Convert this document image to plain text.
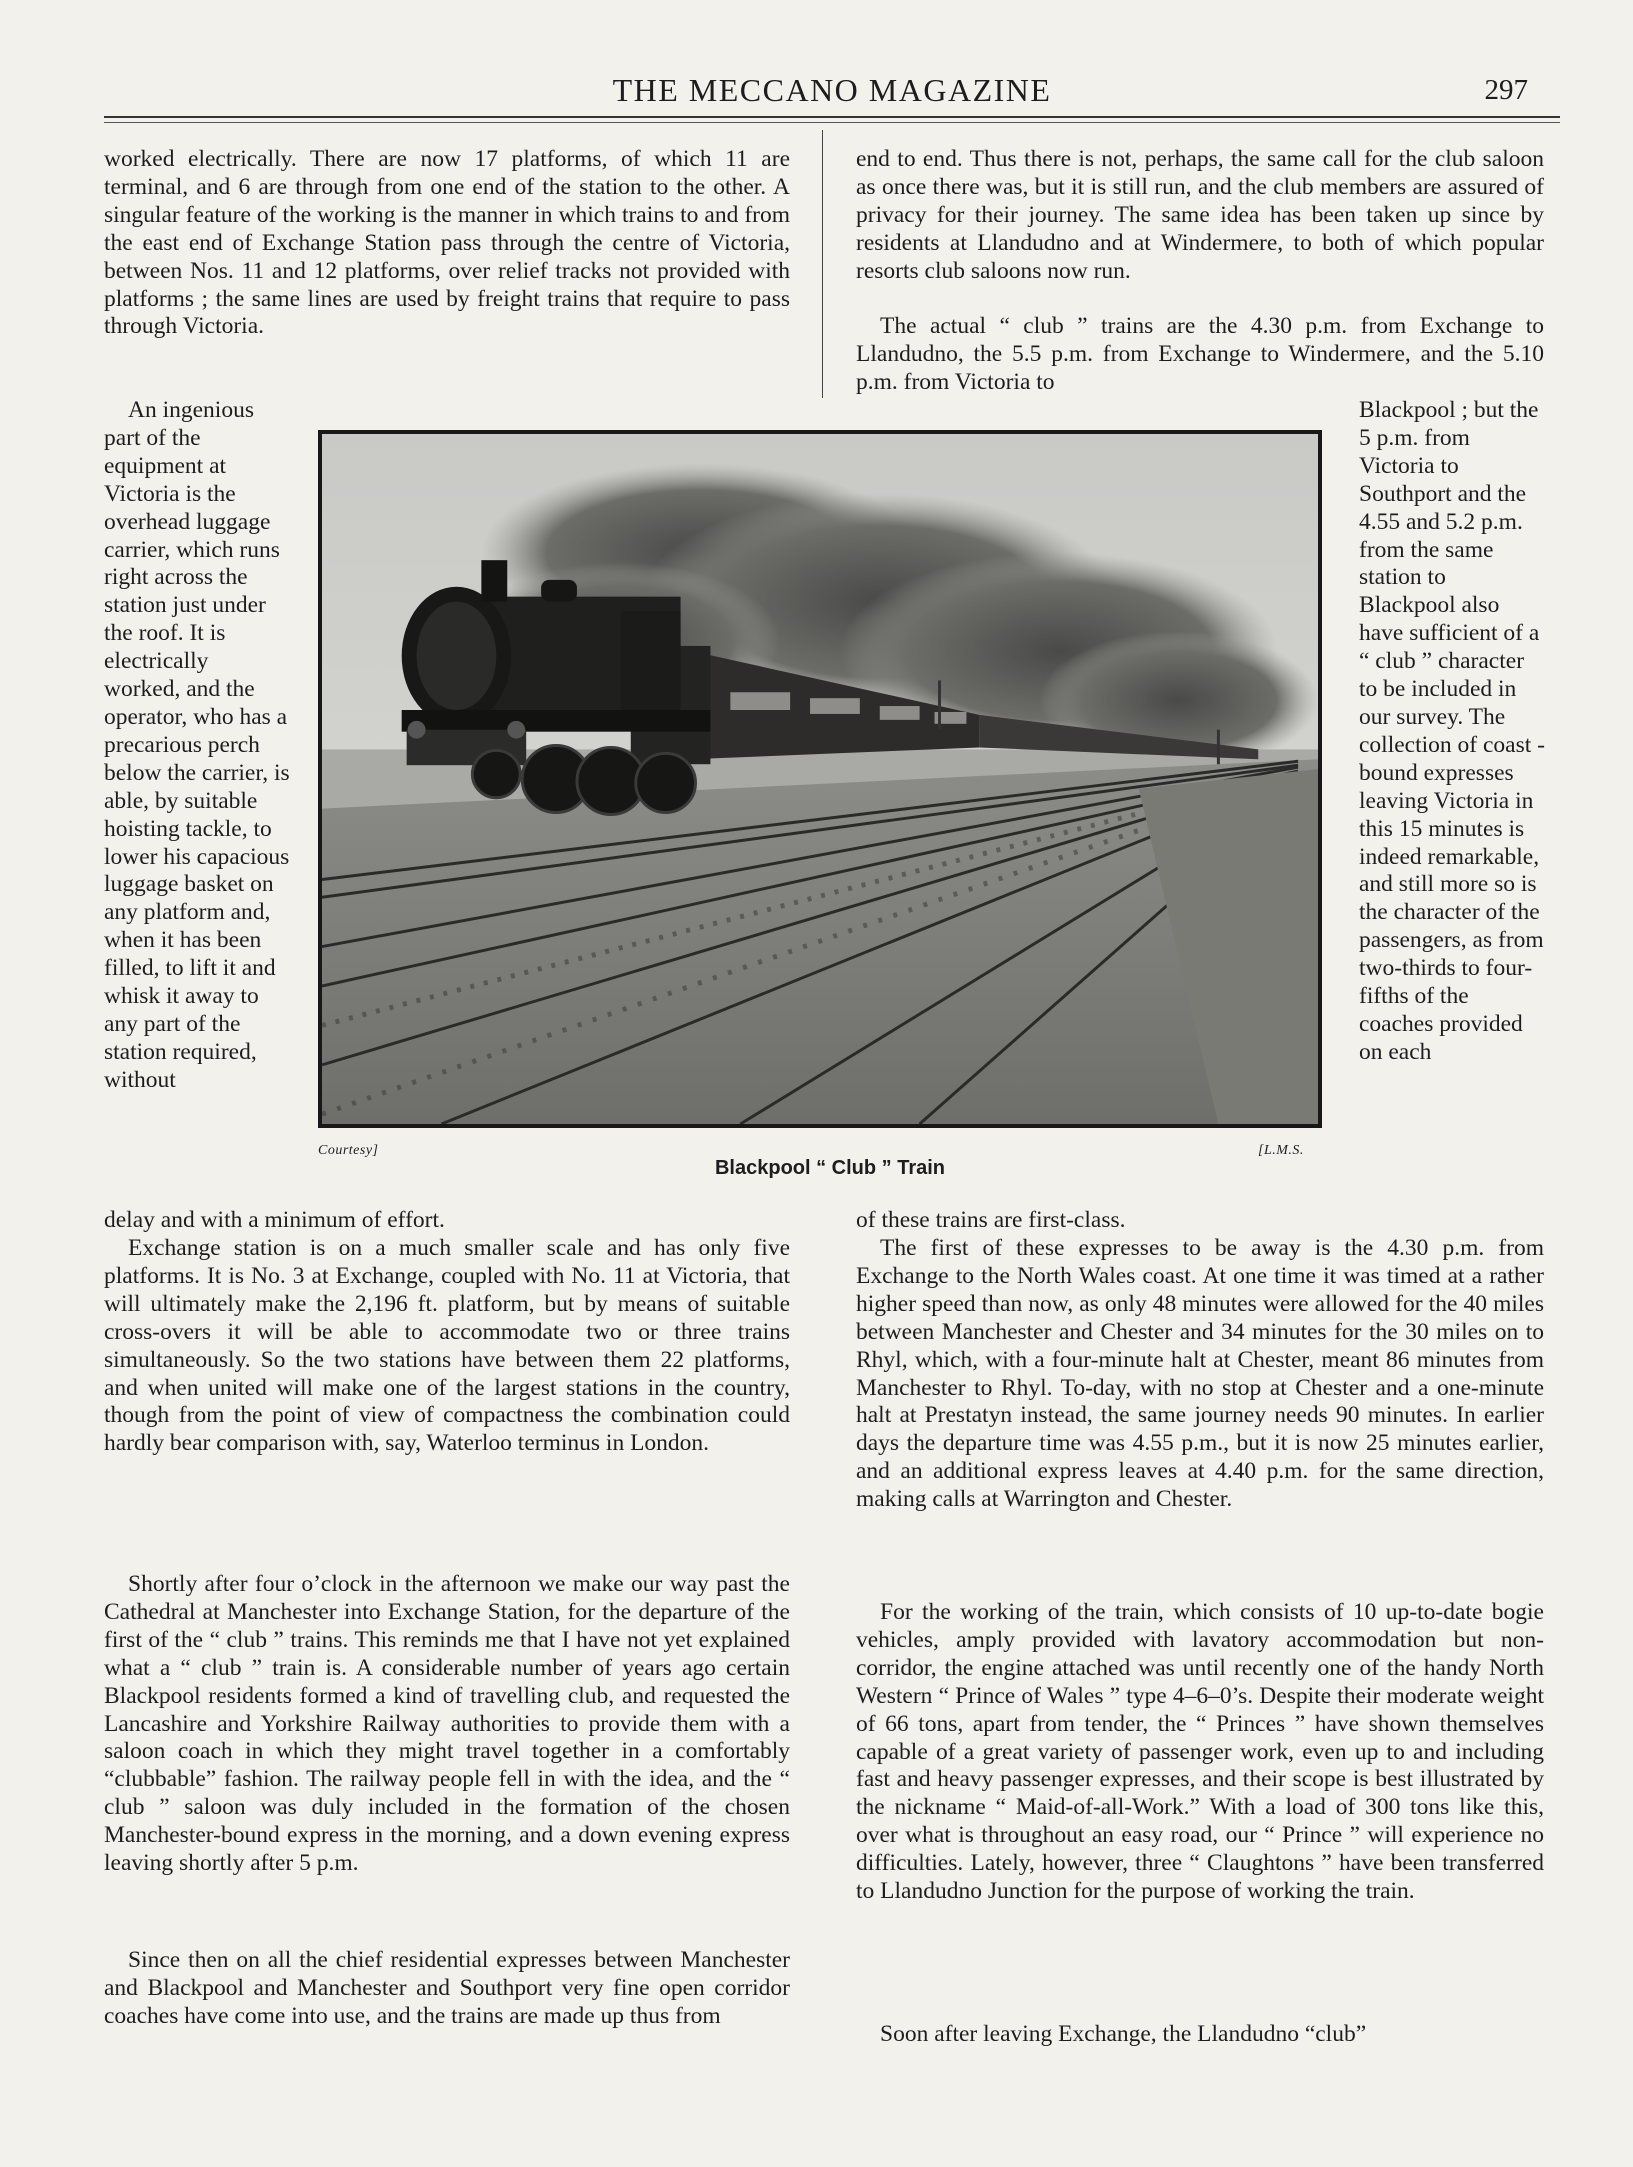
THE MECCANO MAGAZINE	297

worked electrically. There are now 17 platforms, of which 11 are terminal, and 6 are through from one end of the station to the other. A singular feature of the working is the manner in which trains to and from the east end of Exchange Station pass through the centre of Victoria, between Nos. 11 and 12 platforms, over relief tracks not provided with platforms ; the same lines are used by freight trains that require to pass through Victoria.

An ingenious part of the equipment at Victoria is the overhead luggage carrier, which runs right across the station just under the roof. It is electrically worked, and the operator, who has a precarious perch below the carrier, is able, by suitable hoisting tackle, to lower his capacious luggage basket on any platform and, when it has been filled, to lift it and whisk it away to any part of the station required, without

delay and with a minimum of effort.

Exchange station is on a much smaller scale and has only five platforms. It is No. 3 at Exchange, coupled with No. 11 at Victoria, that will ultimately make the 2,196 ft. platform, but by means of suitable cross-overs it will be able to accommodate two or three trains simultaneously. So the two stations have between them 22 platforms, and when united will make one of the largest stations in the country, though from the point of view of compactness the combination could hardly bear comparison with, say, Waterloo terminus in London.

Shortly after four o’clock in the afternoon we make our way past the Cathedral at Manchester into Exchange Station, for the departure of the first of the “ club ” trains. This reminds me that I have not yet explained what a “ club ” train is. A considerable number of years ago certain Blackpool residents formed a kind of travelling club, and requested the Lancashire and Yorkshire Railway authorities to provide them with a saloon coach in which they might travel together in a comfortably “clubbable” fashion. The railway people fell in with the idea, and the “ club ” saloon was duly included in the formation of the chosen Manchester-bound express in the morning, and a down evening express leaving shortly after 5 p.m.

Since then on all the chief residential expresses between Manchester and Blackpool and Manchester and Southport very fine open corridor coaches have come into use, and the trains are made up thus from

end to end. Thus there is not, perhaps, the same call for the club saloon as once there was, but it is still run, and the club members are assured of privacy for their journey. The same idea has been taken up since by residents at Llandudno and at Windermere, to both of which popular resorts club saloons now run.

The actual “ club ” trains are the 4.30 p.m. from Exchange to Llandudno, the 5.5 p.m. from Exchange to Windermere, and the 5.10 p.m. from Victoria to

Blackpool ; but the 5 p.m. from Victoria to Southport and the 4.55 and 5.2 p.m. from the same station to Blackpool also have sufficient of a “ club ” character to be included in our survey. The collection of coast - bound expresses leaving Victoria in this 15 minutes is indeed remarkable, and still more so is the character of the passengers, as from two-thirds to four-fifths of the coaches provided on each

of these trains are first-class.

The first of these expresses to be away is the 4.30 p.m. from Exchange to the North Wales coast. At one time it was timed at a rather higher speed than now, as only 48 minutes were allowed for the 40 miles between Manchester and Chester and 34 minutes for the 30 miles on to Rhyl, which, with a four-minute halt at Chester, meant 86 minutes from Manchester to Rhyl. To-day, with no stop at Chester and a one-minute halt at Prestatyn instead, the same journey needs 90 minutes. In earlier days the departure time was 4.55 p.m., but it is now 25 minutes earlier, and an additional express leaves at 4.40 p.m. for the same direction, making calls at Warrington and Chester.

For the working of the train, which consists of 10 up-to-date bogie vehicles, amply provided with lavatory accommodation but non-corridor, the engine attached was until recently one of the handy North Western “ Prince of Wales ” type 4–6–0’s. Despite their moderate weight of 66 tons, apart from tender, the “ Princes ” have shown themselves capable of a great variety of passenger work, even up to and including fast and heavy passenger expresses, and their scope is best illustrated by the nickname “ Maid-of-all-Work.” With a load of 300 tons like this, over what is throughout an easy road, our “ Prince ” will experience no difficulties. Lately, however, three “ Claughtons ” have been transferred to Llandudno Junction for the purpose of working the train.

Soon after leaving Exchange, the Llandudno “club”

Courtesy]	[L.M.S.
Blackpool “ Club ” Train
